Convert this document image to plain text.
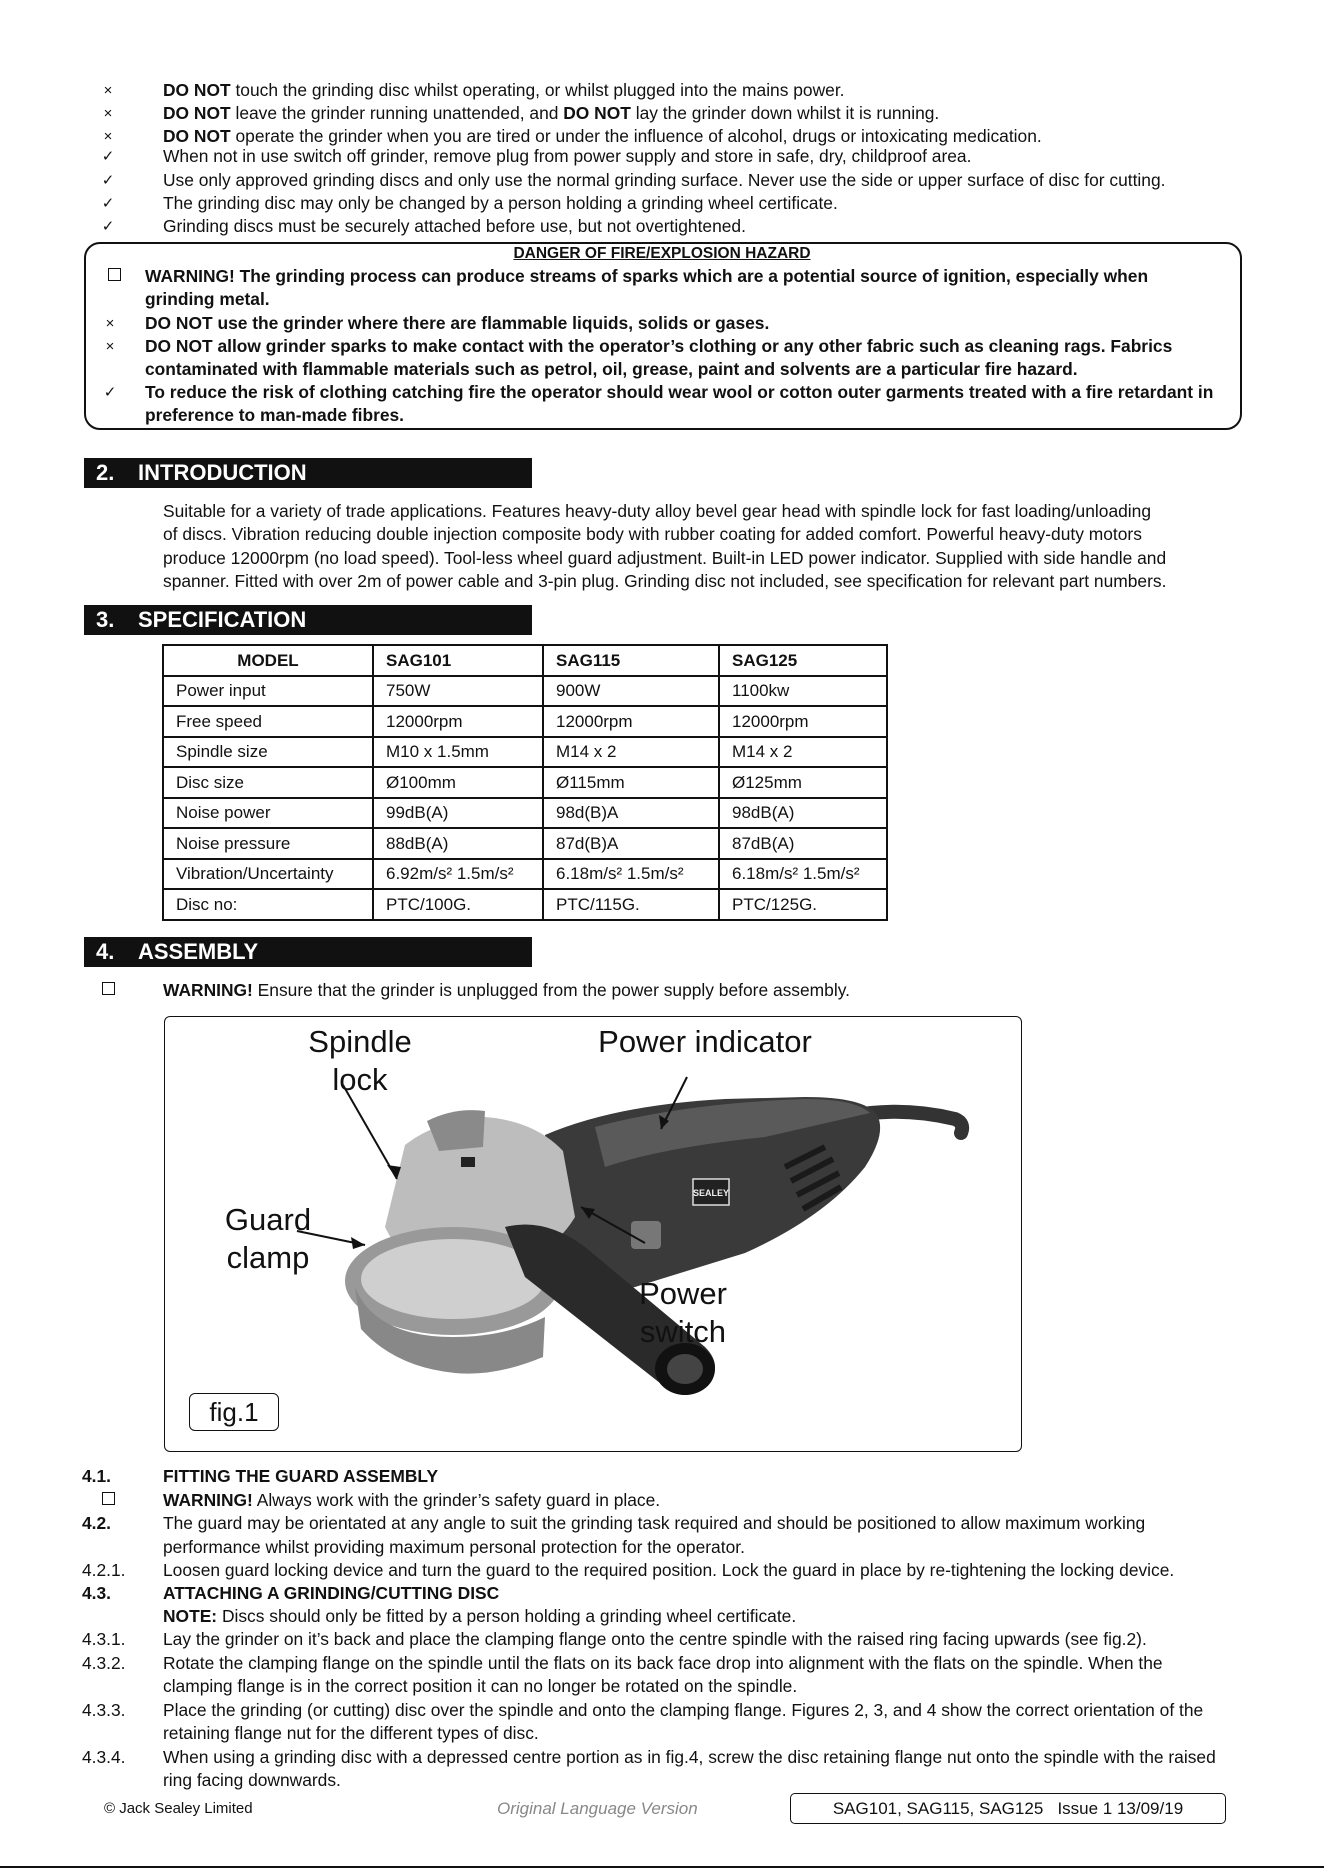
×	DO NOT touch the grinding disc whilst operating, or whilst plugged into the mains power.
×	DO NOT leave the grinder running unattended, and DO NOT lay the grinder down whilst it is running.
×	DO NOT operate the grinder when you are tired or under the influence of alcohol, drugs or intoxicating medication.
✓	When not in use switch off grinder, remove plug from power supply and store in safe, dry, childproof area.
✓	Use only approved grinding discs and only use the normal grinding surface. Never use the side or upper surface of disc for cutting.
✓	The grinding disc may only be changed by a person holding a grinding wheel certificate.
✓	Grinding discs must be securely attached before use, but not overtightened.
DANGER OF FIRE/EXPLOSION HAZARD
WARNING! The grinding process can produce streams of sparks which are a potential source of ignition, especially when
grinding metal.
×	DO NOT use the grinder where there are flammable liquids, solids or gases.
×	DO NOT allow grinder sparks to make contact with the operator’s clothing or any other fabric such as cleaning rags. Fabrics
contaminated with flammable materials such as petrol, oil, grease, paint and solvents are a particular fire hazard.
✓ To reduce the risk of clothing catching fire the operator should wear wool or cotton outer garments treated with a fire retardant in
preference to man-made fibres.
2. INTRODUCTION
Suitable for a variety of trade applications. Features heavy-duty alloy bevel gear head with spindle lock for fast loading/unloading
of discs. Vibration reducing double injection composite body with rubber coating for added comfort. Powerful heavy-duty motors
produce 12000rpm (no load speed). Tool-less wheel guard adjustment. Built-in LED power indicator. Supplied with side handle and
spanner. Fitted with over 2m of power cable and 3-pin plug. Grinding disc not included, see specification for relevant part numbers.
3. SPECIFICATION
MODEL	SAG101	SAG115	SAG125
Power input	750W	900W	1100kw
Free speed	12000rpm	12000rpm	12000rpm
Spindle size	M10 x 1.5mm	M14 x 2	M14 x 2
Disc size	Ø100mm	Ø115mm	Ø125mm
Noise power	99dB(A)	98d(B)A	98dB(A)
Noise pressure	88dB(A)	87d(B)A	87dB(A)
Vibration/Uncertainty	6.92m/s² 1.5m/s²	6.18m/s² 1.5m/s²	6.18m/s² 1.5m/s²
Disc no:	PTC/100G.	PTC/115G.	PTC/125G.
4. ASSEMBLY
WARNING! Ensure that the grinder is unplugged from the power supply before assembly.
SEALEY
Spindle
lock
Power indicator
Guard
clamp
Power
switch
fig.1
4.1.	FITTING THE GUARD ASSEMBLY
WARNING! Always work with the grinder’s safety guard in place.
4.2.	The guard may be orientated at any angle to suit the grinding task required and should be positioned to allow maximum working
performance whilst providing maximum personal protection for the operator.
4.2.1. Loosen guard locking device and turn the guard to the required position. Lock the guard in place by re-tightening the locking device.
4.3.	ATTACHING A GRINDING/CUTTING DISC
NOTE: Discs should only be fitted by a person holding a grinding wheel certificate.
4.3.1. Lay the grinder on it’s back and place the clamping flange onto the centre spindle with the raised ring facing upwards (see fig.2).
4.3.2. Rotate the clamping flange on the spindle until the flats on its back face drop into alignment with the flats on the spindle. When the
clamping flange is in the correct position it can no longer be rotated on the spindle.
4.3.3. Place the grinding (or cutting) disc over the spindle and onto the clamping flange. Figures 2, 3, and 4 show the correct orientation of the
retaining flange nut for the different types of disc.
4.3.4. When using a grinding disc with a depressed centre portion as in fig.4, screw the disc retaining flange nut onto the spindle with the raised
ring facing downwards.
© Jack Sealey Limited	Original Language Version	SAG101, SAG115, SAG125   Issue 1 13/09/19
